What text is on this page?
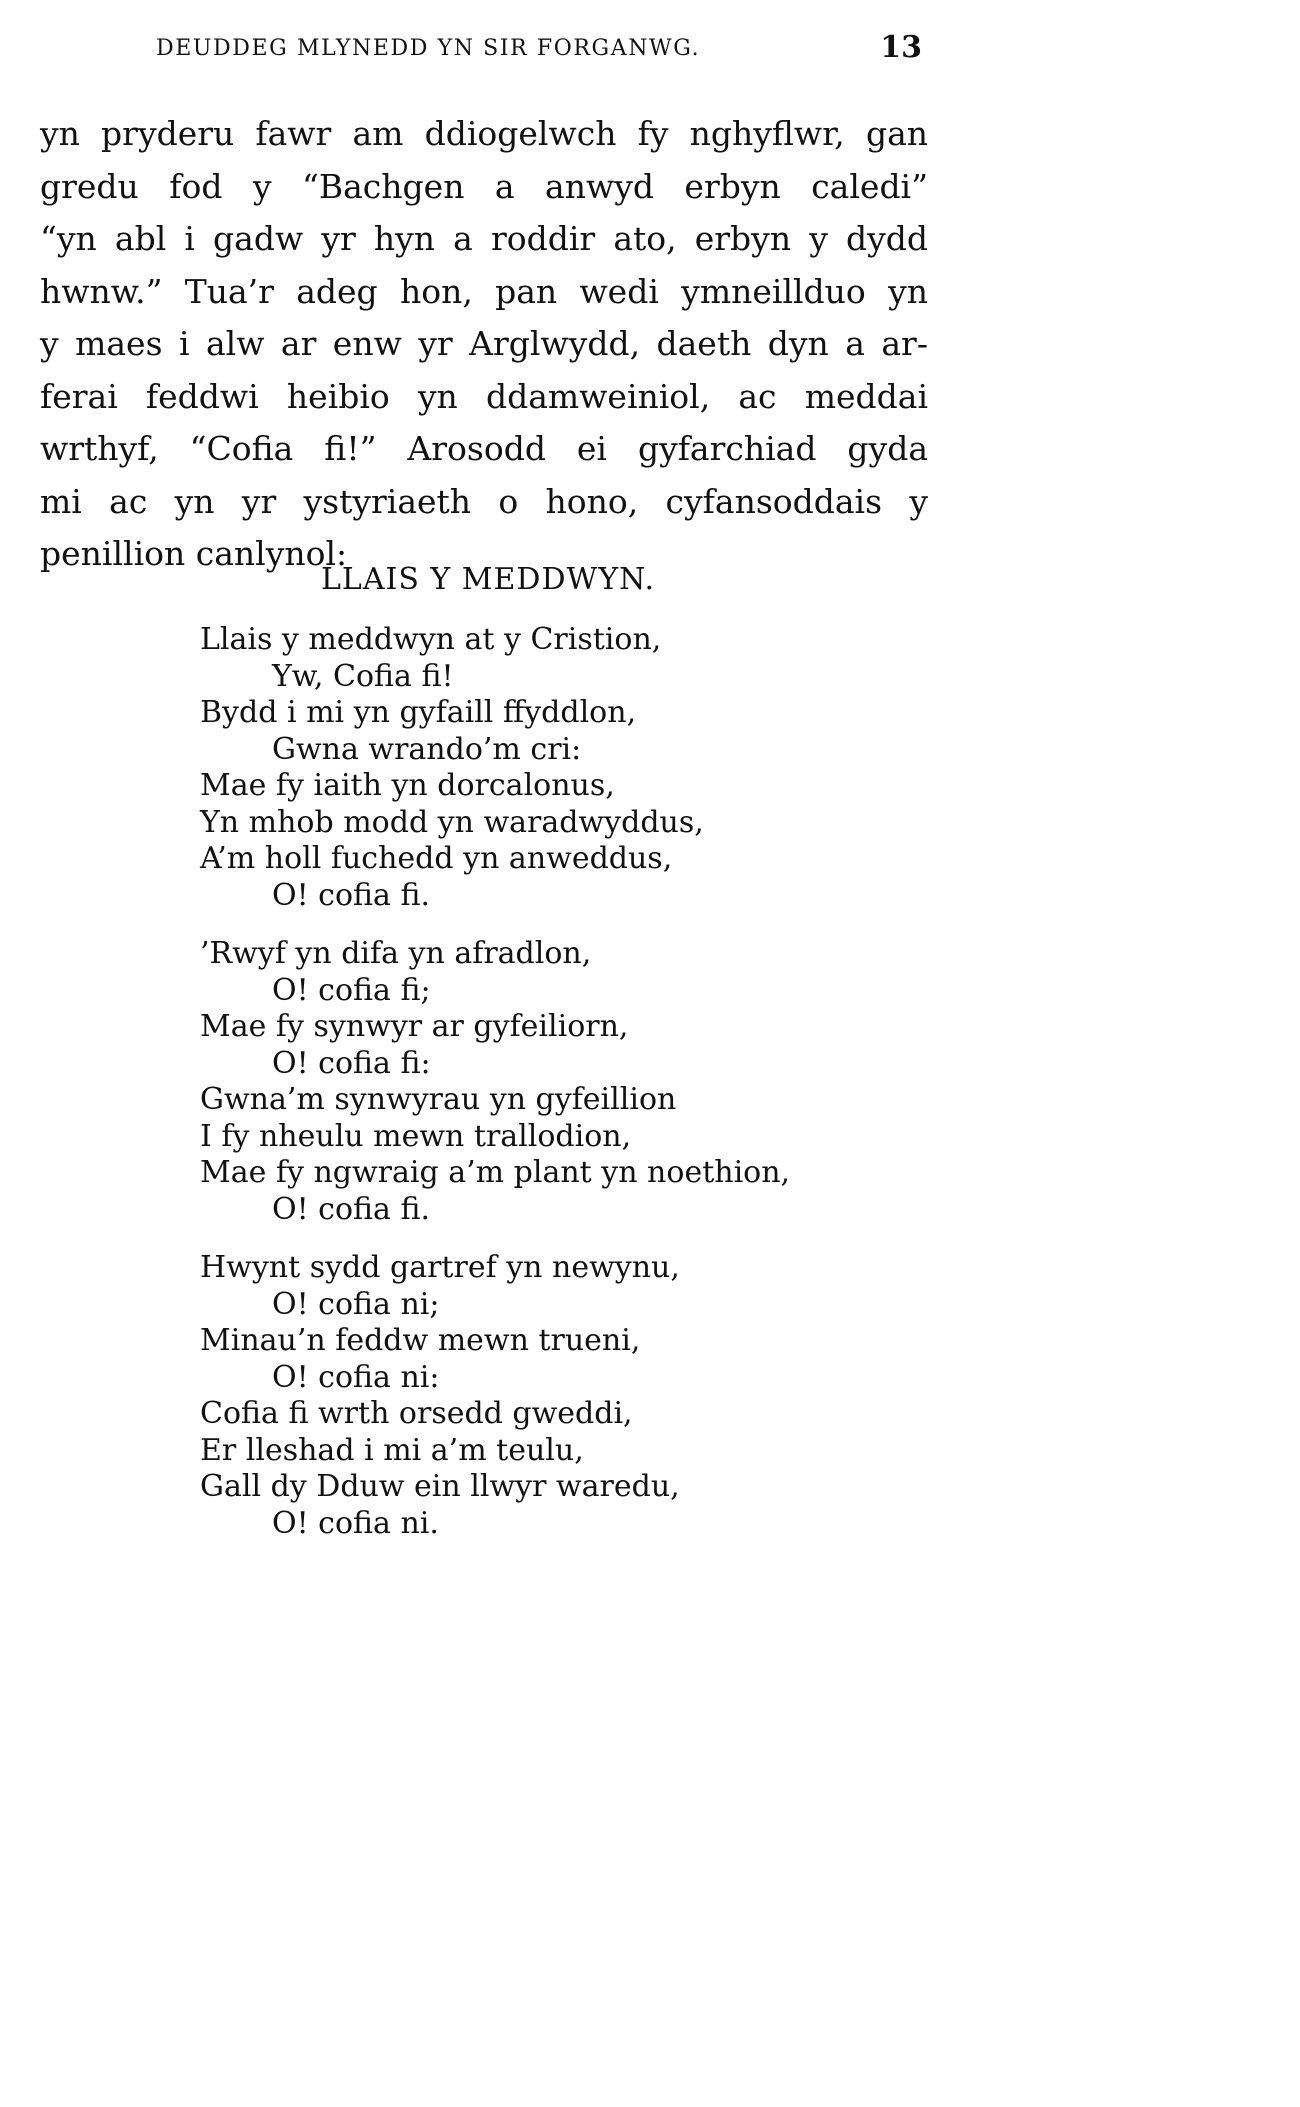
DEUDDEG MLYNEDD YN SIR FORGANWG.	13
yn pryderu fawr am ddiogelwch fy nghyflwr, gan
gredu fod y “Bachgen a anwyd erbyn caledi”
“yn abl i gadw yr hyn a roddir ato, erbyn y dydd
hwnw.” Tua’r adeg hon, pan wedi ymneillduo yn
y maes i alw ar enw yr Arglwydd, daeth dyn a ar-
ferai feddwi heibio yn ddamweiniol, ac meddai
wrthyf, “Cofia fi!” Arosodd ei gyfarchiad gyda
mi ac yn yr ystyriaeth o hono, cyfansoddais y
penillion canlynol:
LLAIS Y MEDDWYN.
Llais y meddwyn at y Cristion,
Yw, Cofia fi!
Bydd i mi yn gyfaill ffyddlon,
Gwna wrando’m cri:
Mae fy iaith yn dorcalonus,
Yn mhob modd yn waradwyddus,
A’m holl fuchedd yn anweddus,
O! cofia fi.
’Rwyf yn difa yn afradlon,
O! cofia fi;
Mae fy synwyr ar gyfeiliorn,
O! cofia fi:
Gwna’m synwyrau yn gyfeillion
I fy nheulu mewn trallodion,
Mae fy ngwraig a’m plant yn noethion,
O! cofia fi.
Hwynt sydd gartref yn newynu,
O! cofia ni;
Minau’n feddw mewn trueni,
O! cofia ni:
Cofia fi wrth orsedd gweddi,
Er lleshad i mi a’m teulu,
Gall dy Dduw ein llwyr waredu,
O! cofia ni.
